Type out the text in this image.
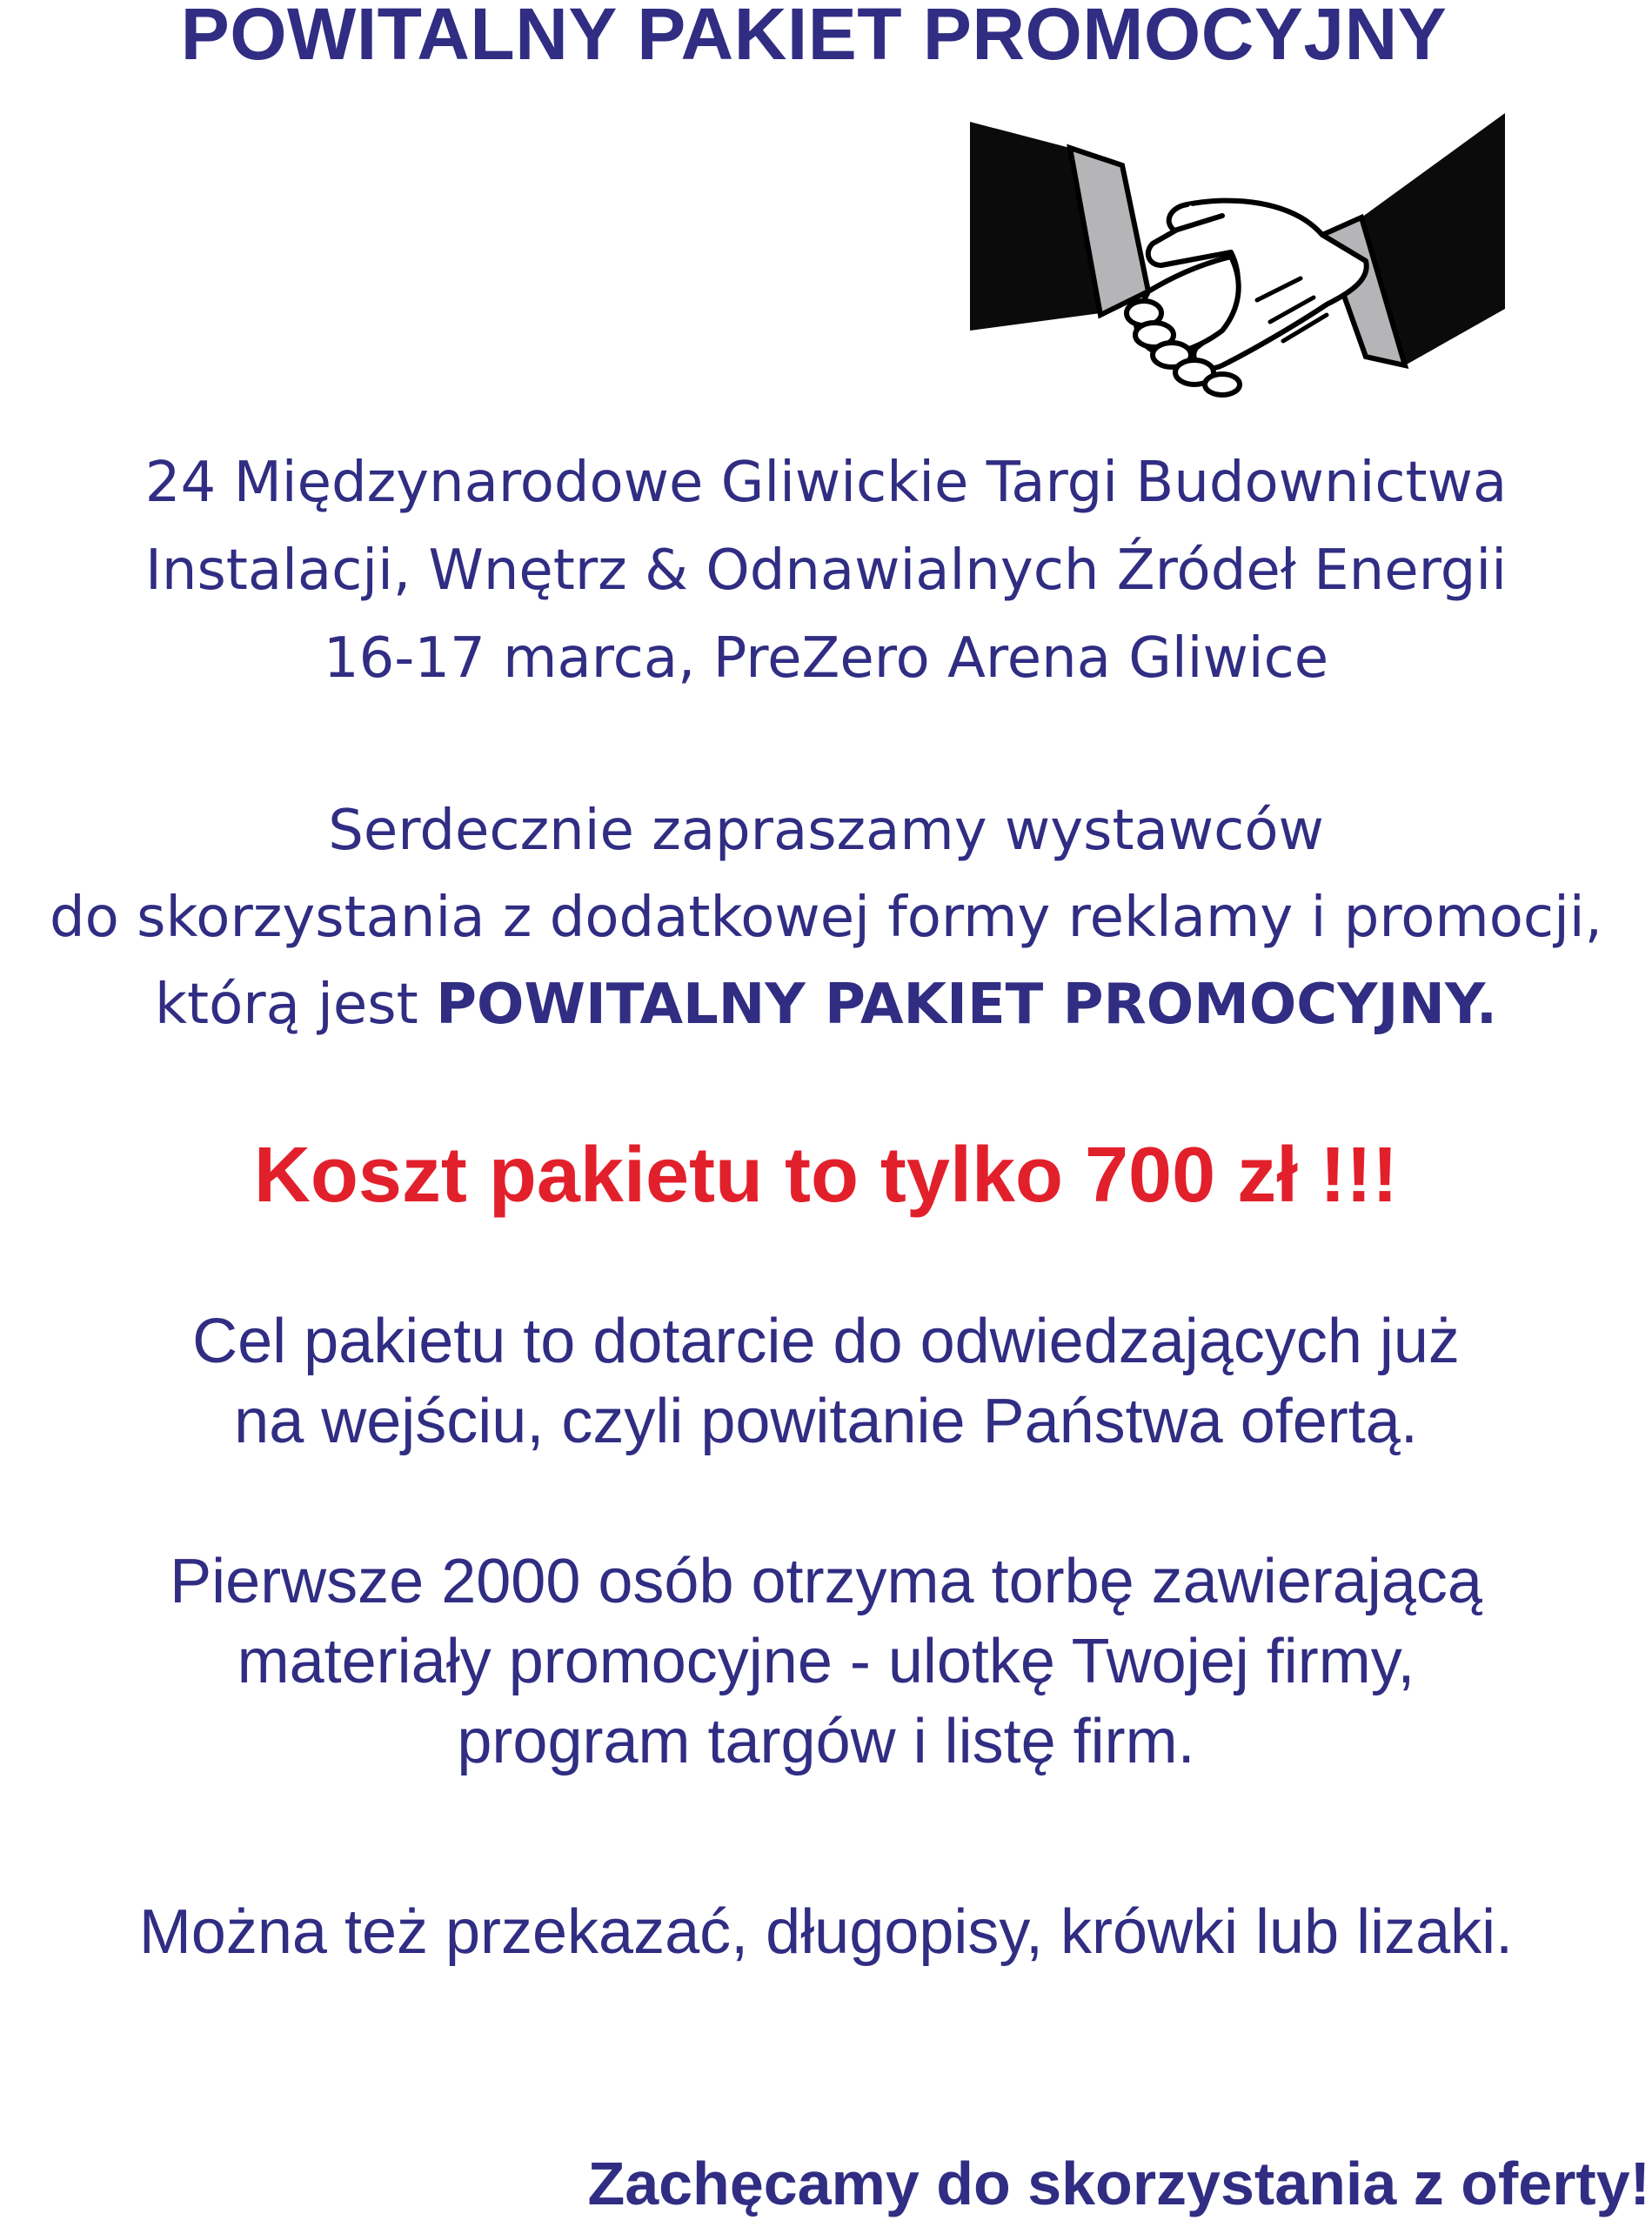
POWITALNY PAKIET PROMOCYJNY
24 Międzynarodowe Gliwickie Targi Budownictwa
Instalacji, Wnętrz & Odnawialnych Źródeł Energii
16-17 marca, PreZero Arena Gliwice
Serdecznie zapraszamy wystawców
do skorzystania z dodatkowej formy reklamy i promocji,
którą jest POWITALNY PAKIET PROMOCYJNY.
Koszt pakietu to tylko 700 zł !!!
Cel pakietu to dotarcie do odwiedzających już
na wejściu, czyli powitanie Państwa ofertą.
Pierwsze 2000 osób otrzyma torbę zawierającą
materiały promocyjne - ulotkę Twojej firmy,
program targów i listę firm.
Można też przekazać, długopisy, krówki lub lizaki.
Zachęcamy do skorzystania z oferty!
